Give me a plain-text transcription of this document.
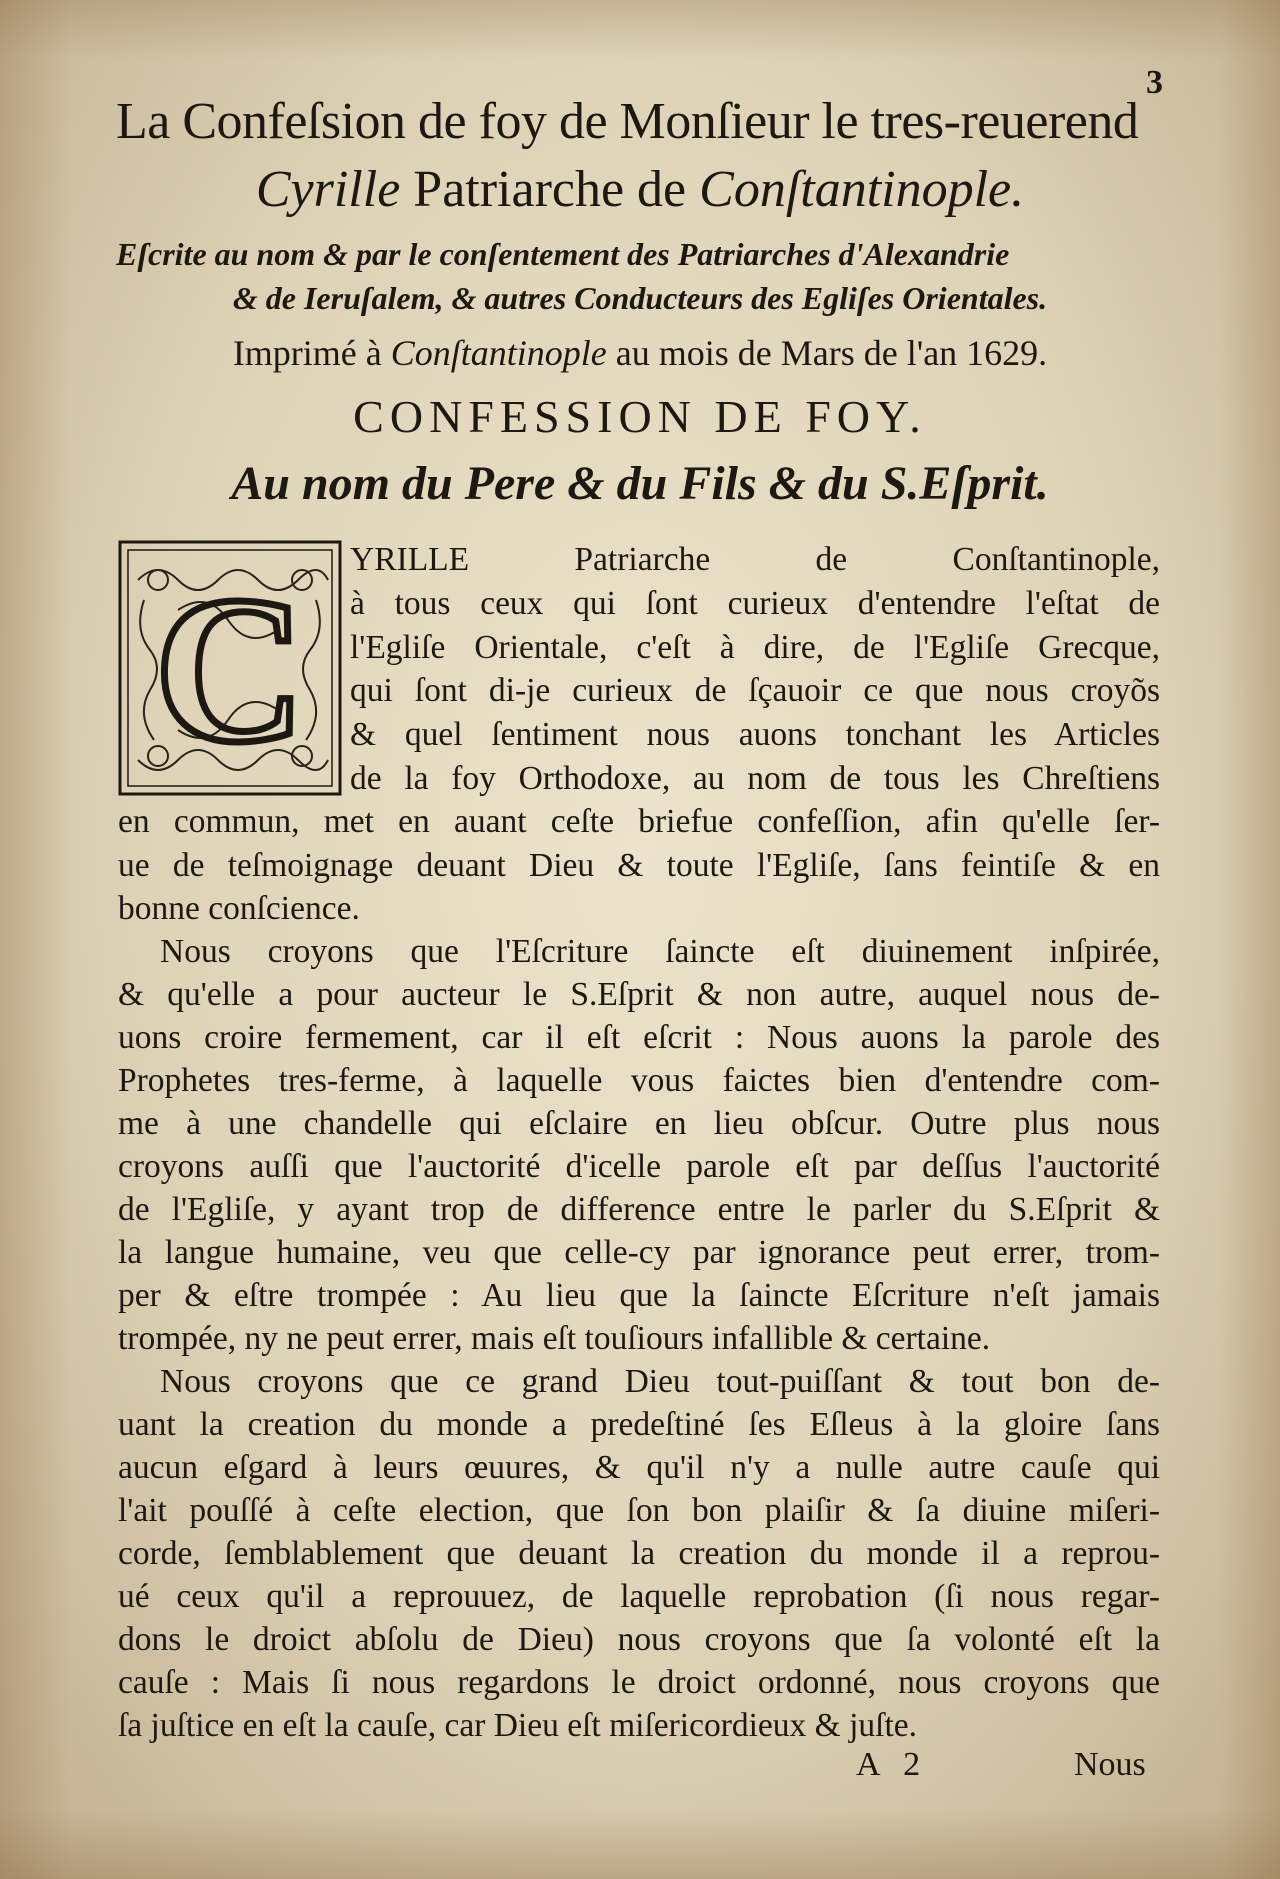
3
La Confeſsion de foy de Monſieur le tres-reuerend
Cyrille Patriarche de Conſtantinople.
Eſcrite au nom & par le conſentement des Patriarches d'Alexandrie
& de Ieruſalem, & autres Conducteurs des Egliſes Orientales.
Imprimé à Conſtantinople au mois de Mars de l'an 1629.
CONFESSION DE FOY.
Au nom du Pere & du Fils & du S.Eſprit.
C YRILLE Patriarche de Conſtantinople,
à tous ceux qui ſont curieux d'entendre l'eſtat de
l'Egliſe Orientale, c'eſt à dire, de l'Egliſe Grecque,
qui ſont di-je curieux de ſçauoir ce que nous croyõs
& quel ſentiment nous auons tonchant les Articles
de la foy Orthodoxe, au nom de tous les Chreſtiens
en commun, met en auant ceſte briefue confeſſion, afin qu'elle ſer-
ue de teſmoignage deuant Dieu & toute l'Egliſe, ſans feintiſe & en
bonne conſcience.
Nous croyons que l'Eſcriture ſaincte eſt diuinement inſpirée,
& qu'elle a pour aucteur le S.Eſprit & non autre, auquel nous de-
uons croire fermement, car il eſt eſcrit : Nous auons la parole des
Prophetes tres-ferme, à laquelle vous faictes bien d'entendre com-
me à une chandelle qui eſclaire en lieu obſcur. Outre plus nous
croyons auſſi que l'auctorité d'icelle parole eſt par deſſus l'auctorité
de l'Egliſe, y ayant trop de difference entre le parler du S.Eſprit &
la langue humaine, veu que celle-cy par ignorance peut errer, trom-
per & eſtre trompée : Au lieu que la ſaincte Eſcriture n'eſt jamais
trompée, ny ne peut errer, mais eſt touſiours infallible & certaine.
Nous croyons que ce grand Dieu tout-puiſſant & tout bon de-
uant la creation du monde a predeſtiné ſes Eſleus à la gloire ſans
aucun eſgard à leurs œuures, & qu'il n'y a nulle autre cauſe qui
l'ait pouſſé à ceſte election, que ſon bon plaiſir & ſa diuine miſeri-
corde, ſemblablement que deuant la creation du monde il a reprou-
ué ceux qu'il a reprouuez, de laquelle reprobation (ſi nous regar-
dons le droict abſolu de Dieu) nous croyons que ſa volonté eſt la
cauſe : Mais ſi nous regardons le droict ordonné, nous croyons que
ſa juſtice en eſt la cauſe, car Dieu eſt miſericordieux & juſte.
A 2	Nous
